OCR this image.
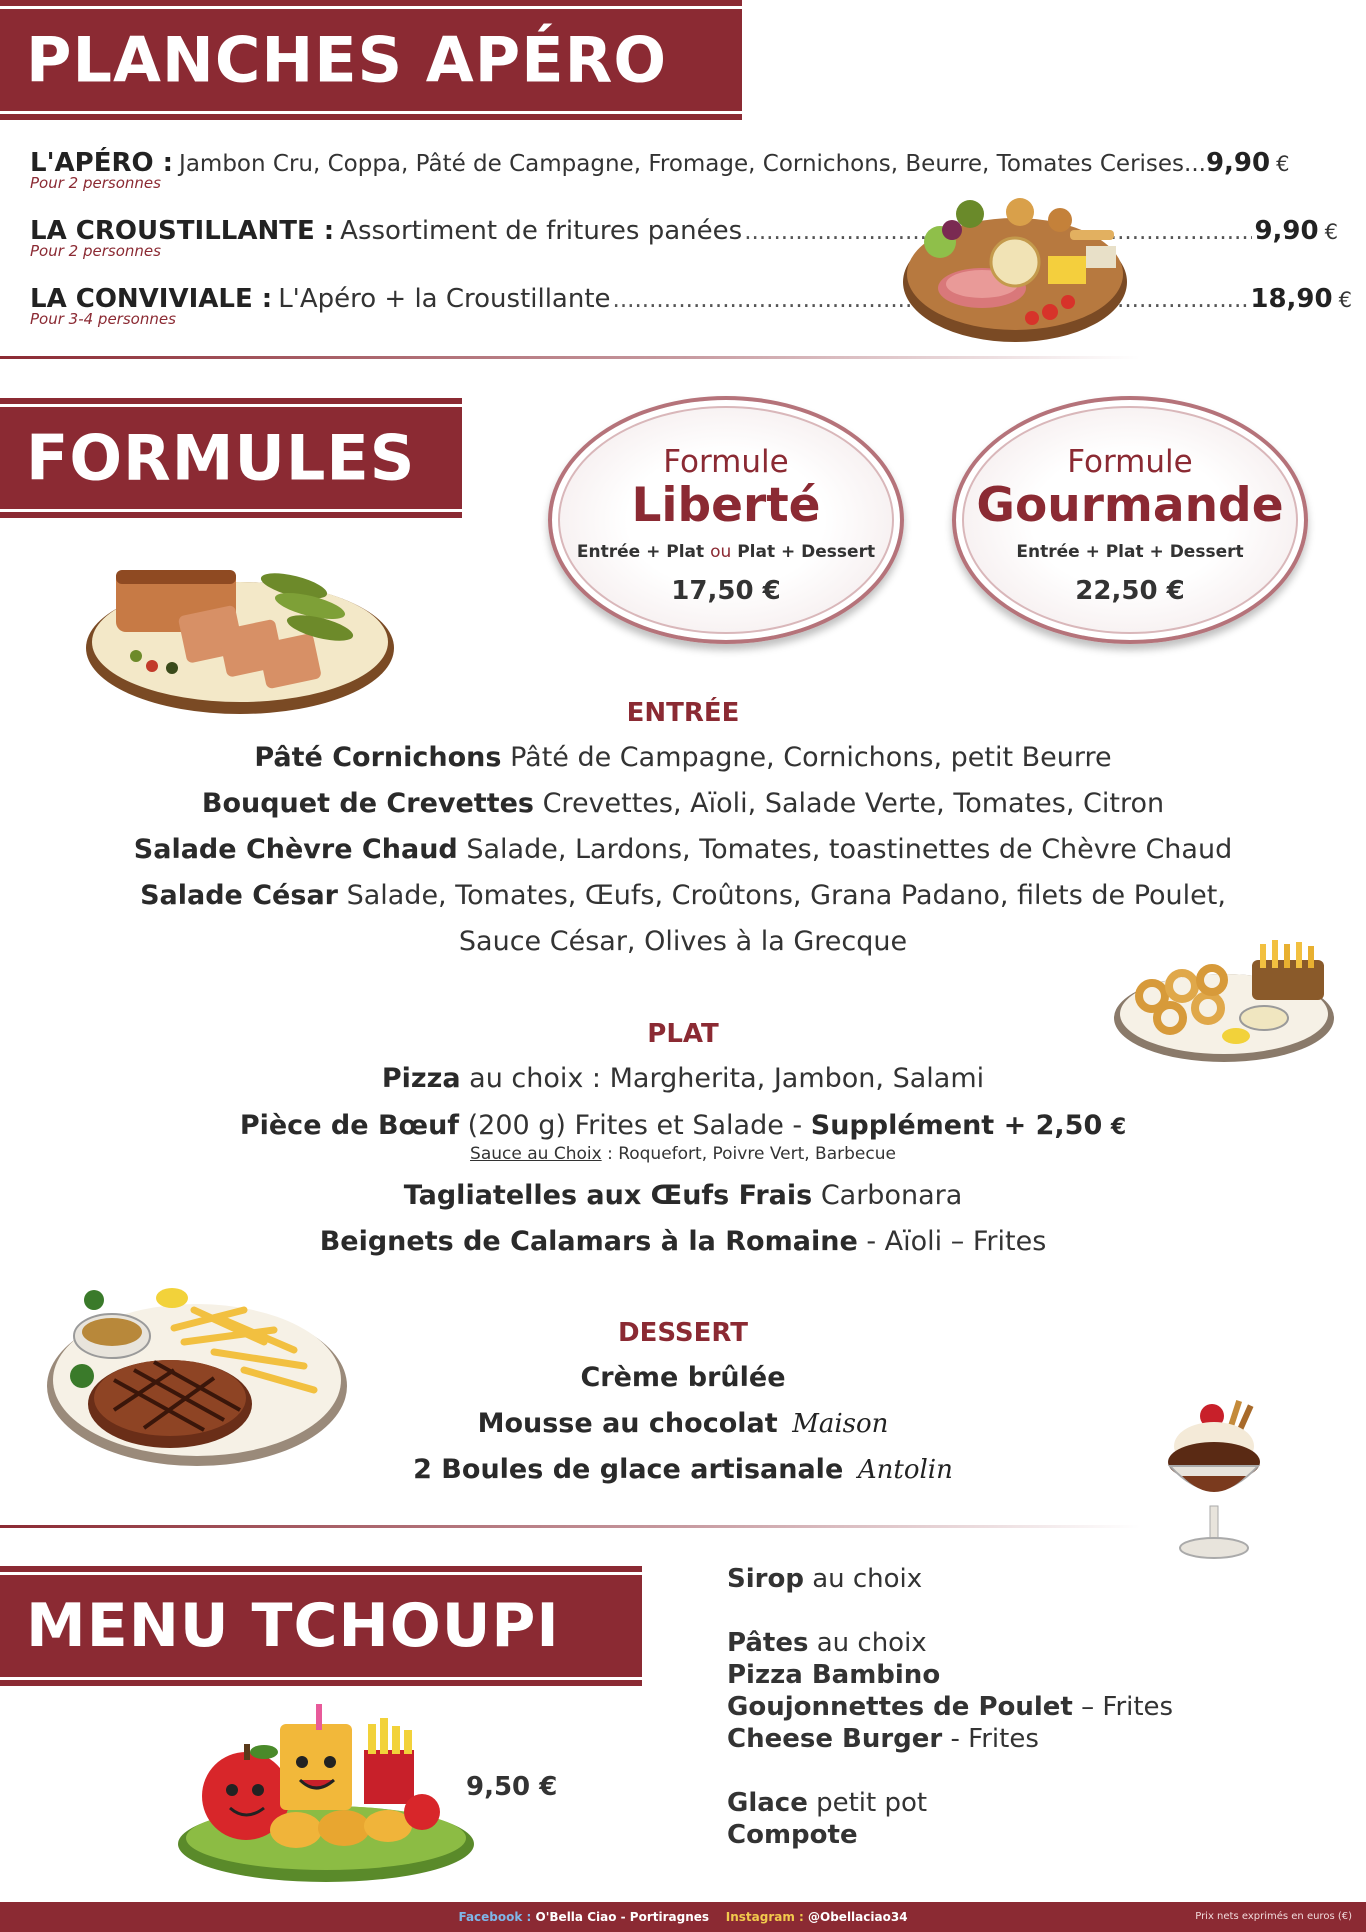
PLANCHES APÉRO
L'APÉRO : Jambon Cru, Coppa, Pâté de Campagne, Fromage, Cornichons, Beurre, Tomates Cerises... 9,90 €
Pour 2 personnes
LA CROUSTILLANTE : Assortiment de fritures panées .....	9,90 €
Pour 2 personnes
LA CONVIVIALE : L'Apéro + la Croustillante .....	18,90 €
Pour 3-4 personnes
FORMULES	Formule
Liberté
Entrée + Plat ou Plat + Dessert
17,50 €
Formule
Gourmande
Entrée + Plat + Dessert
22,50 €
ENTRÉE
Pâté Cornichons Pâté de Campagne, Cornichons, petit Beurre
Bouquet de Crevettes Crevettes, Aïoli, Salade Verte, Tomates, Citron
Salade Chèvre Chaud Salade, Lardons, Tomates, toastinettes de Chèvre Chaud
Salade César Salade, Tomates, Œufs, Croûtons, Grana Padano, filets de Poulet,
Sauce César, Olives à la Grecque
PLAT
Pizza au choix : Margherita, Jambon, Salami
Pièce de Bœuf (200 g) Frites et Salade - Supplément + 2,50 €
Sauce au Choix : Roquefort, Poivre Vert, Barbecue
Tagliatelles aux Œufs Frais Carbonara
Beignets de Calamars à la Romaine - Aïoli – Frites
DESSERT
Crème brûlée
Mousse au chocolat Maison
2 Boules de glace artisanale Antolin
MENU TCHOUPI
9,50 €
Sirop au choix
Pâtes au choix
Pizza Bambino
Goujonnettes de Poulet – Frites
Cheese Burger - Frites
Glace petit pot
Compote
Facebook : O'Bella Ciao - Portiragnes Instagram : @Obellaciao34	Prix nets exprimés en euros (€)
